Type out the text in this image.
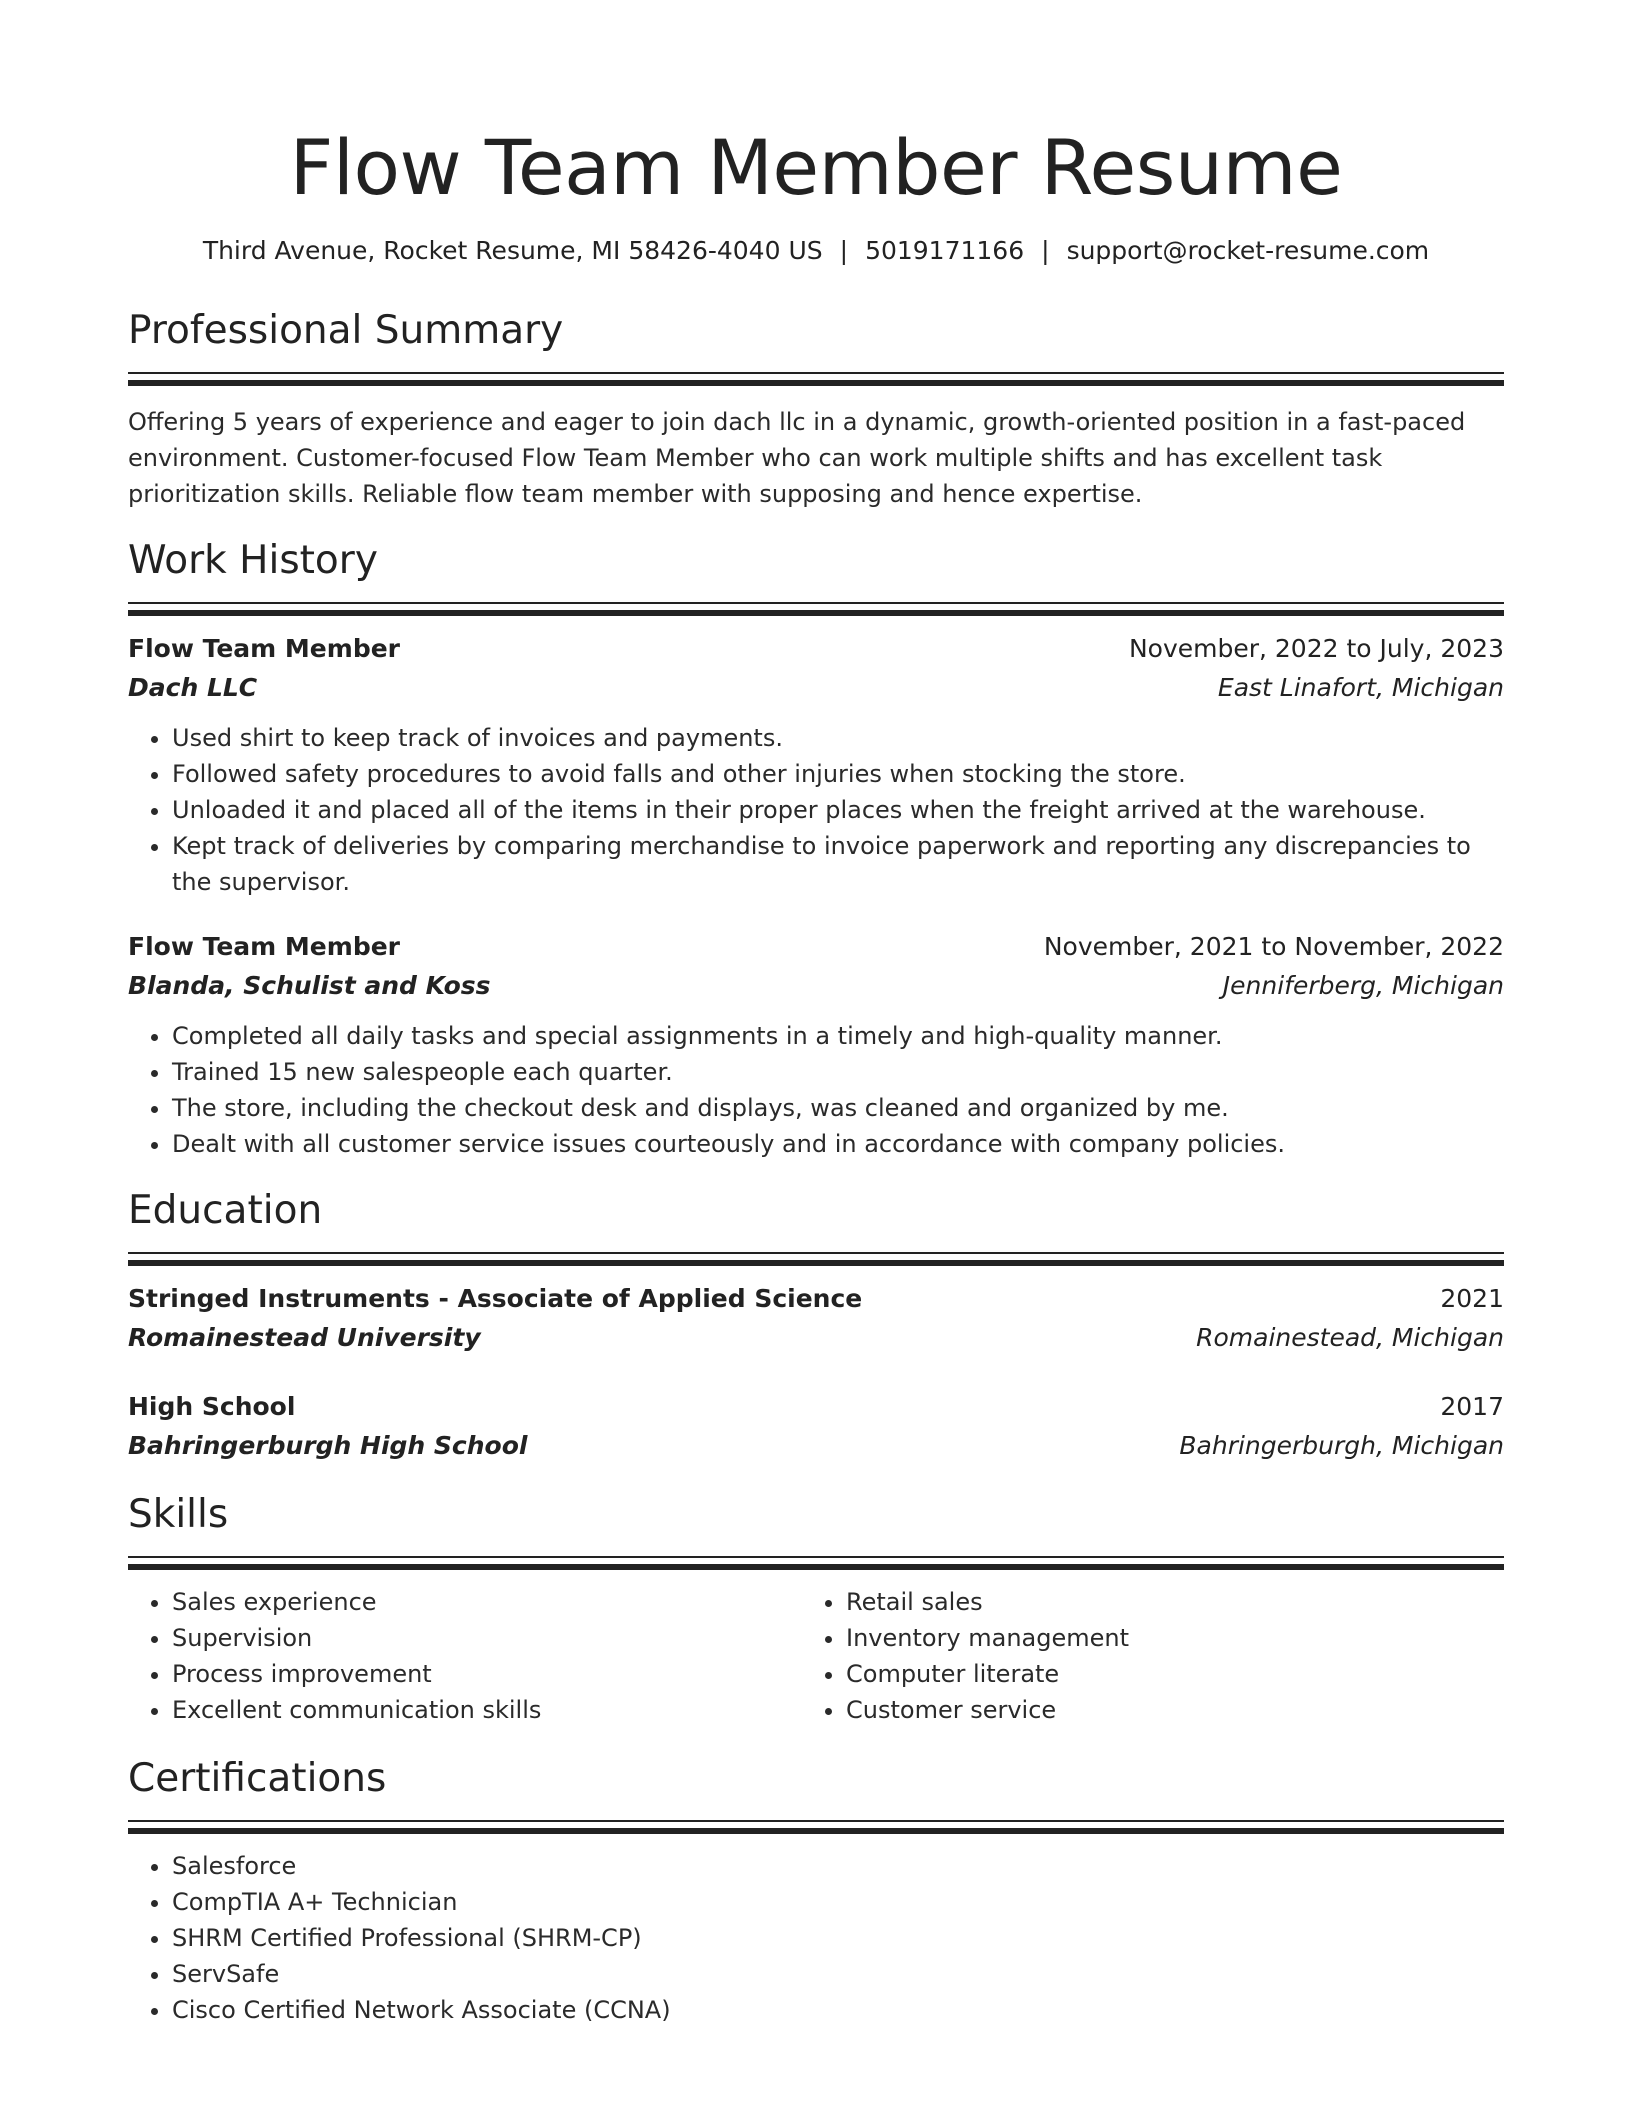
Flow Team Member Resume
Third Avenue, Rocket Resume, MI 58426-4040 US | 5019171166 | support@rocket-resume.com
Professional Summary
Offering 5 years of experience and eager to join dach llc in a dynamic, growth-oriented position in a fast-paced environment. Customer-focused Flow Team Member who can work multiple shifts and has excellent task prioritization skills. Reliable flow team member with supposing and hence expertise.
Work History
Flow Team Member	November, 2022 to July, 2023
Dach LLC	East Linafort, Michigan
• Used shirt to keep track of invoices and payments.
• Followed safety procedures to avoid falls and other injuries when stocking the store.
• Unloaded it and placed all of the items in their proper places when the freight arrived at the warehouse.
• Kept track of deliveries by comparing merchandise to invoice paperwork and reporting any discrepancies to the supervisor.
Flow Team Member	November, 2021 to November, 2022
Blanda, Schulist and Koss	Jenniferberg, Michigan
• Completed all daily tasks and special assignments in a timely and high-quality manner.
• Trained 15 new salespeople each quarter.
• The store, including the checkout desk and displays, was cleaned and organized by me.
• Dealt with all customer service issues courteously and in accordance with company policies.
Education
Stringed Instruments - Associate of Applied Science	2021
Romainestead University	Romainestead, Michigan
High School	2017
Bahringerburgh High School	Bahringerburgh, Michigan
Skills
• Sales experience
• Supervision
• Process improvement
• Excellent communication skills
• Retail sales
• Inventory management
• Computer literate
• Customer service
Certifications
• Salesforce
• CompTIA A+ Technician
• SHRM Certified Professional (SHRM-CP)
• ServSafe
• Cisco Certified Network Associate (CCNA)
